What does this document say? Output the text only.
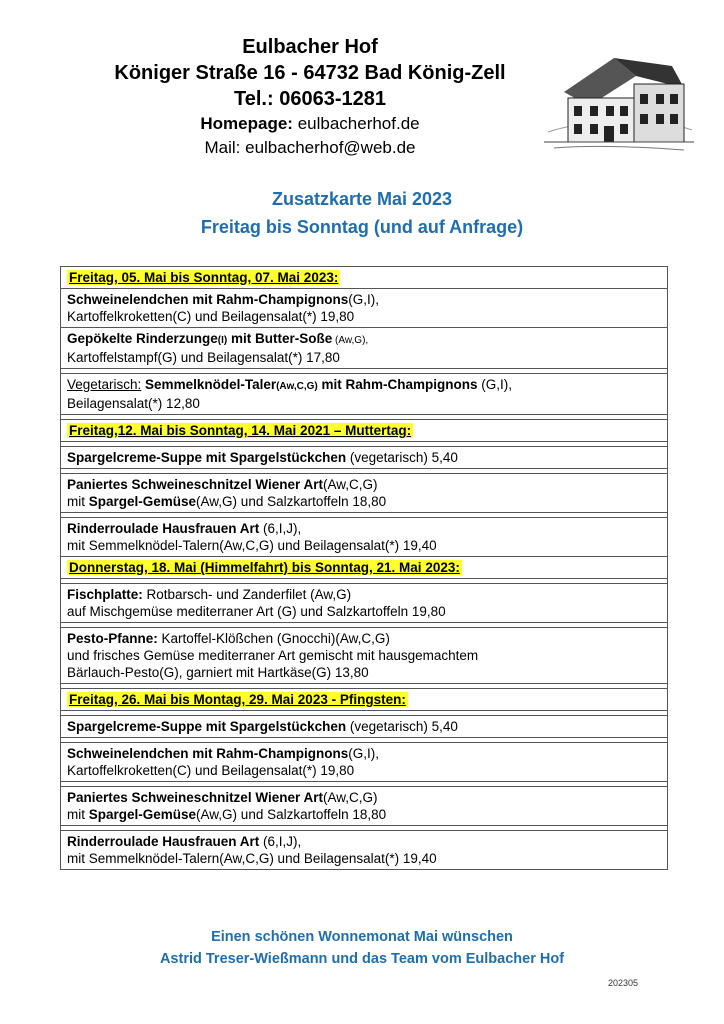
Eulbacher Hof
Königer Straße 16 - 64732 Bad König-Zell
Tel.: 06063-1281
Homepage: eulbacherhof.de
Mail: eulbacherhof@web.de
Zusatzkarte Mai 2023
Freitag bis Sonntag (und auf Anfrage)
Freitag, 05. Mai bis Sonntag, 07. Mai 2023:
Schweinelendchen mit Rahm-Champignons(G,I),
Kartoffelkroketten(C) und Beilagensalat(*) 19,80
Gepökelte Rinderzunge(I) mit Butter-Soße (Aw,G),
Kartoffelstampf(G) und Beilagensalat(*) 17,80
Vegetarisch: Semmelknödel-Taler(Aw,C,G) mit Rahm-Champignons (G,I),
Beilagensalat(*) 12,80
Freitag,12. Mai bis Sonntag, 14. Mai 2021 – Muttertag:
Spargelcreme-Suppe mit Spargelstückchen (vegetarisch) 5,40
Paniertes Schweineschnitzel Wiener Art(Aw,C,G)
mit Spargel-Gemüse(Aw,G) und Salzkartoffeln 18,80
Rinderroulade Hausfrauen Art (6,I,J),
mit Semmelknödel-Talern(Aw,C,G) und Beilagensalat(*) 19,40
Donnerstag, 18. Mai (Himmelfahrt) bis Sonntag, 21. Mai 2023:
Fischplatte: Rotbarsch- und Zanderfilet (Aw,G)
auf Mischgemüse mediterraner Art (G) und Salzkartoffeln 19,80
Pesto-Pfanne: Kartoffel-Klößchen (Gnocchi)(Aw,C,G)
und frisches Gemüse mediterraner Art gemischt mit hausgemachtem
Bärlauch-Pesto(G), garniert mit Hartkäse(G) 13,80
Freitag, 26. Mai bis Montag, 29. Mai 2023 - Pfingsten:
Spargelcreme-Suppe mit Spargelstückchen (vegetarisch) 5,40
Schweinelendchen mit Rahm-Champignons(G,I),
Kartoffelkroketten(C) und Beilagensalat(*) 19,80
Paniertes Schweineschnitzel Wiener Art(Aw,C,G)
mit Spargel-Gemüse(Aw,G) und Salzkartoffeln 18,80
Rinderroulade Hausfrauen Art (6,I,J),
mit Semmelknödel-Talern(Aw,C,G) und Beilagensalat(*) 19,40
Einen schönen Wonnemonat Mai wünschen
Astrid Treser-Wießmann und das Team vom Eulbacher Hof
202305
